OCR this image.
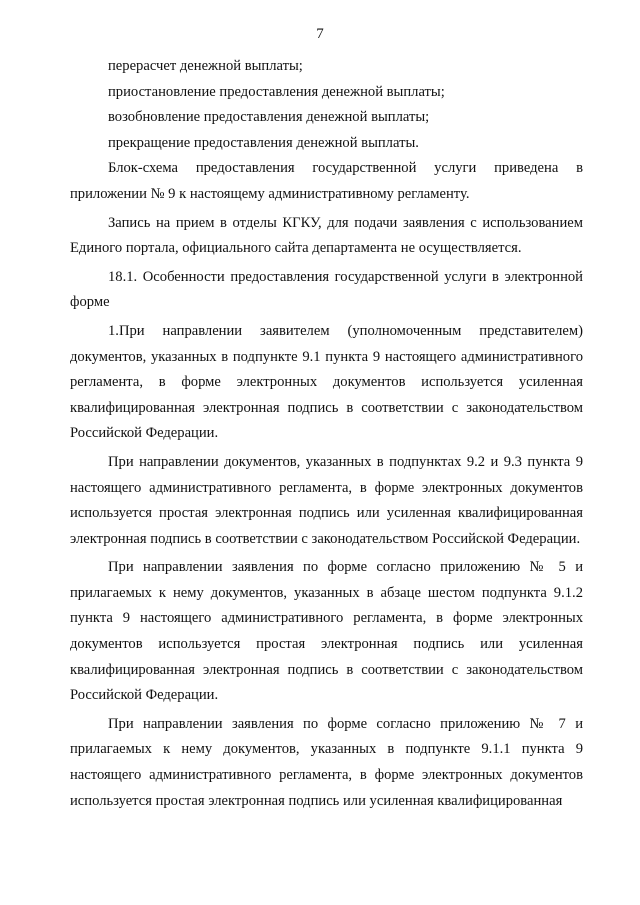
7

перерасчет денежной выплаты;

приостановление предоставления денежной выплаты;

возобновление предоставления денежной выплаты;

прекращение предоставления денежной выплаты.

Блок-схема предоставления государственной услуги приведена в приложении № 9 к настоящему административному регламенту.

Запись на прием в отделы КГКУ, для подачи заявления с использованием Единого портала, официального сайта департамента не осуществляется.

18.1. Особенности предоставления государственной услуги в электронной форме

1.При направлении заявителем (уполномоченным представителем) документов, указанных в подпункте 9.1 пункта 9 настоящего административного регламента, в форме электронных документов используется усиленная квалифицированная электронная подпись в соответствии с законодательством Российской Федерации.

При направлении документов, указанных в подпунктах 9.2 и 9.3 пункта 9 настоящего административного регламента, в форме электронных документов используется простая электронная подпись или усиленная квалифицированная электронная подпись в соответствии с законодательством Российской Федерации.

При направлении заявления по форме согласно приложению № 5 и прилагаемых к нему документов, указанных в абзаце шестом подпункта 9.1.2 пункта 9 настоящего административного регламента, в форме электронных документов используется простая электронная подпись или усиленная квалифицированная электронная подпись в соответствии с законодательством Российской Федерации.

При направлении заявления по форме согласно приложению № 7 и прилагаемых к нему документов, указанных в подпункте 9.1.1 пункта 9 настоящего административного регламента, в форме электронных документов используется простая электронная подпись или усиленная квалифицированная
